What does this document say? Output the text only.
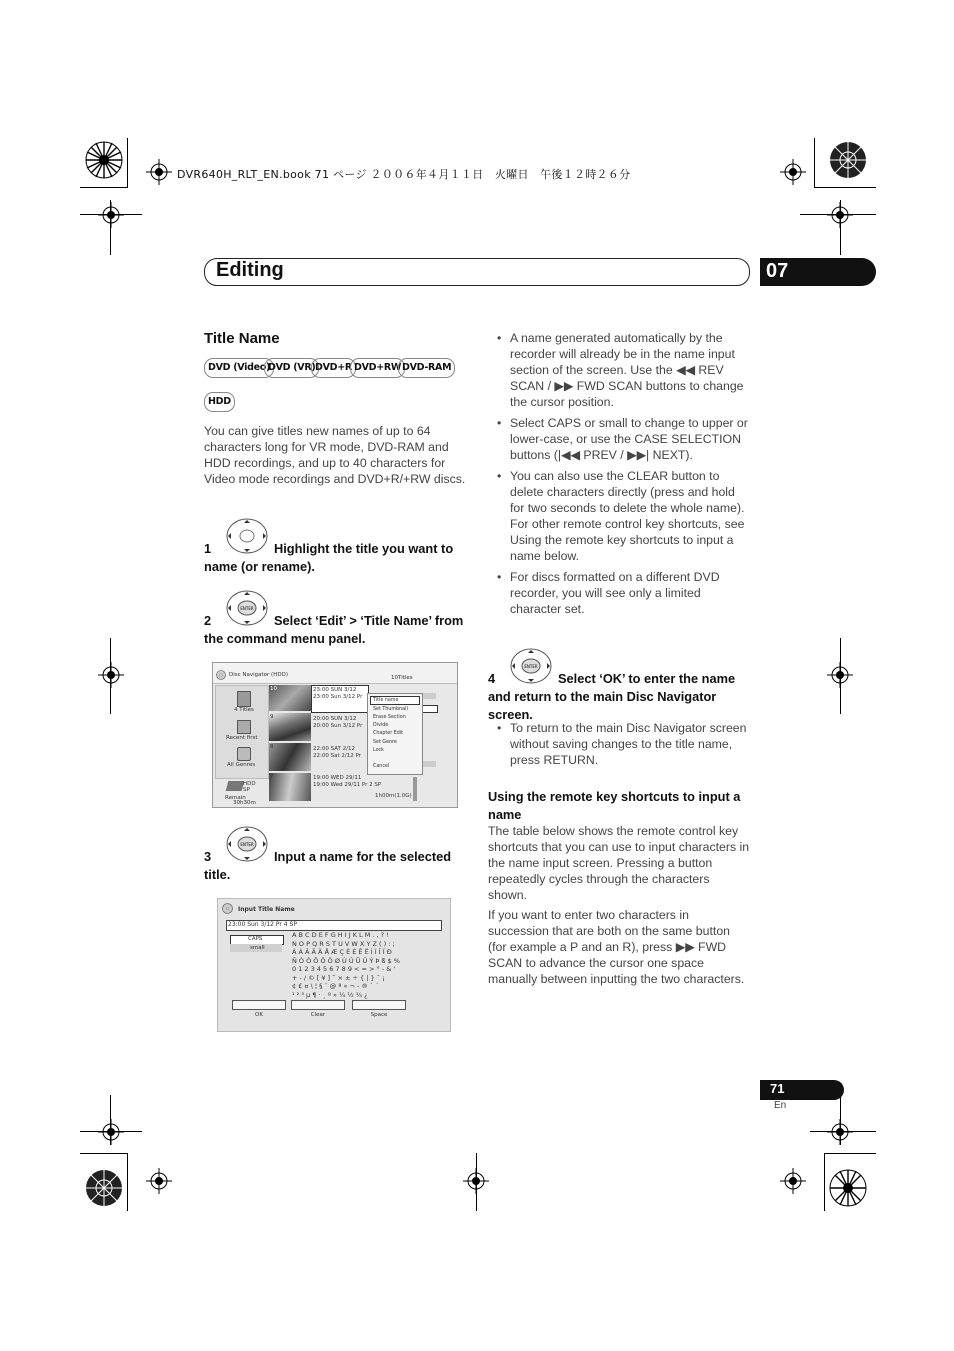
DVR640H_RLT_EN.book 71 ページ ２００６年４月１１日　火曜日　午後１２時２６分
Editing	07
Title Name
DVD (Video)
DVD (VR) DVD+R DVD+RW DVD-RAM
HDD

You can give titles new names of up to 64 characters long for VR mode, DVD-RAM and HDD recordings, and up to 40 characters for Video mode recordings and DVD+R/+RW discs.

1	Highlight the title you want to name (or rename).

ENTER

2	Select ‘Edit’ > ‘Title Name’ from the command menu panel.

Disc Navigator (HDD)	10Titles
4 Titles
Recent first
All Genres
HDD
SP
Remain
30h30m
10
9
8
7
23:00 SUN 3/12
23:00 Sun 3/12 Pr
20:00 SUN 3/12
20:00 Sun 3/12 Pr
22:00 SAT 2/12
22:00 Sat 2/12 Pr
19:00 WED 29/11
19:00 Wed 29/11 Pr 2 SP
1h00m(1.0G)
Title name
Set Thumbnail
Erase Section
Divide
Chapter Edit
Set Genre
Lock
Cancel
ENTER

3	Input a name for the selected title.

Input Title Name
23:00 Sun 3/12 Pr 4 SP
CAPS
small
A B C D E F G H I J K L M . , ? !
N O P Q R S T U V W X Y Z ( ) : ;
À Á Â Ã Ä Å Æ Ç È É Ê Ë Ì Í Î Ï Ð
Ñ Ò Ó Ô Õ Ö Ø Ù Ú Û Ü Ý Þ ß $ %
0 1 2 3 4 5 6 7 8 9 < = > ° - & '
+ - / © [ ¥ ] ˜ × ± ÷ { | } ¯ ¡
¢ £ ¤ \ ¦ § ¨ @ ª « ¬ - ® ` ´
¹ ² ³ µ ¶ · ¸ º » ¼ ½ ¾ ¿
OK	Clear	Space
• A name generated automatically by the recorder will already be in the name input section of the screen. Use the ◀◀ REV SCAN / ▶▶ FWD SCAN buttons to change the cursor position.
• Select CAPS or small to change to upper or lower-case, or use the CASE SELECTION buttons (|◀◀ PREV / ▶▶| NEXT).
• You can also use the CLEAR button to delete characters directly (press and hold for two seconds to delete the whole name). For other remote control key shortcuts, see Using the remote key shortcuts to input a name below.
• For discs formatted on a different DVD recorder, you will see only a limited character set.
ENTER

4	Select ‘OK’ to enter the name and return to the main Disc Navigator screen.

• To return to the main Disc Navigator screen without saving changes to the title name, press RETURN.

Using the remote key shortcuts to input a name

The table below shows the remote control key shortcuts that you can use to input characters in the name input screen. Pressing a button repeatedly cycles through the characters shown.

If you want to enter two characters in succession that are both on the same button (for example a P and an R), press ▶▶ FWD SCAN to advance the cursor one space manually between inputting the two characters.

71
En
